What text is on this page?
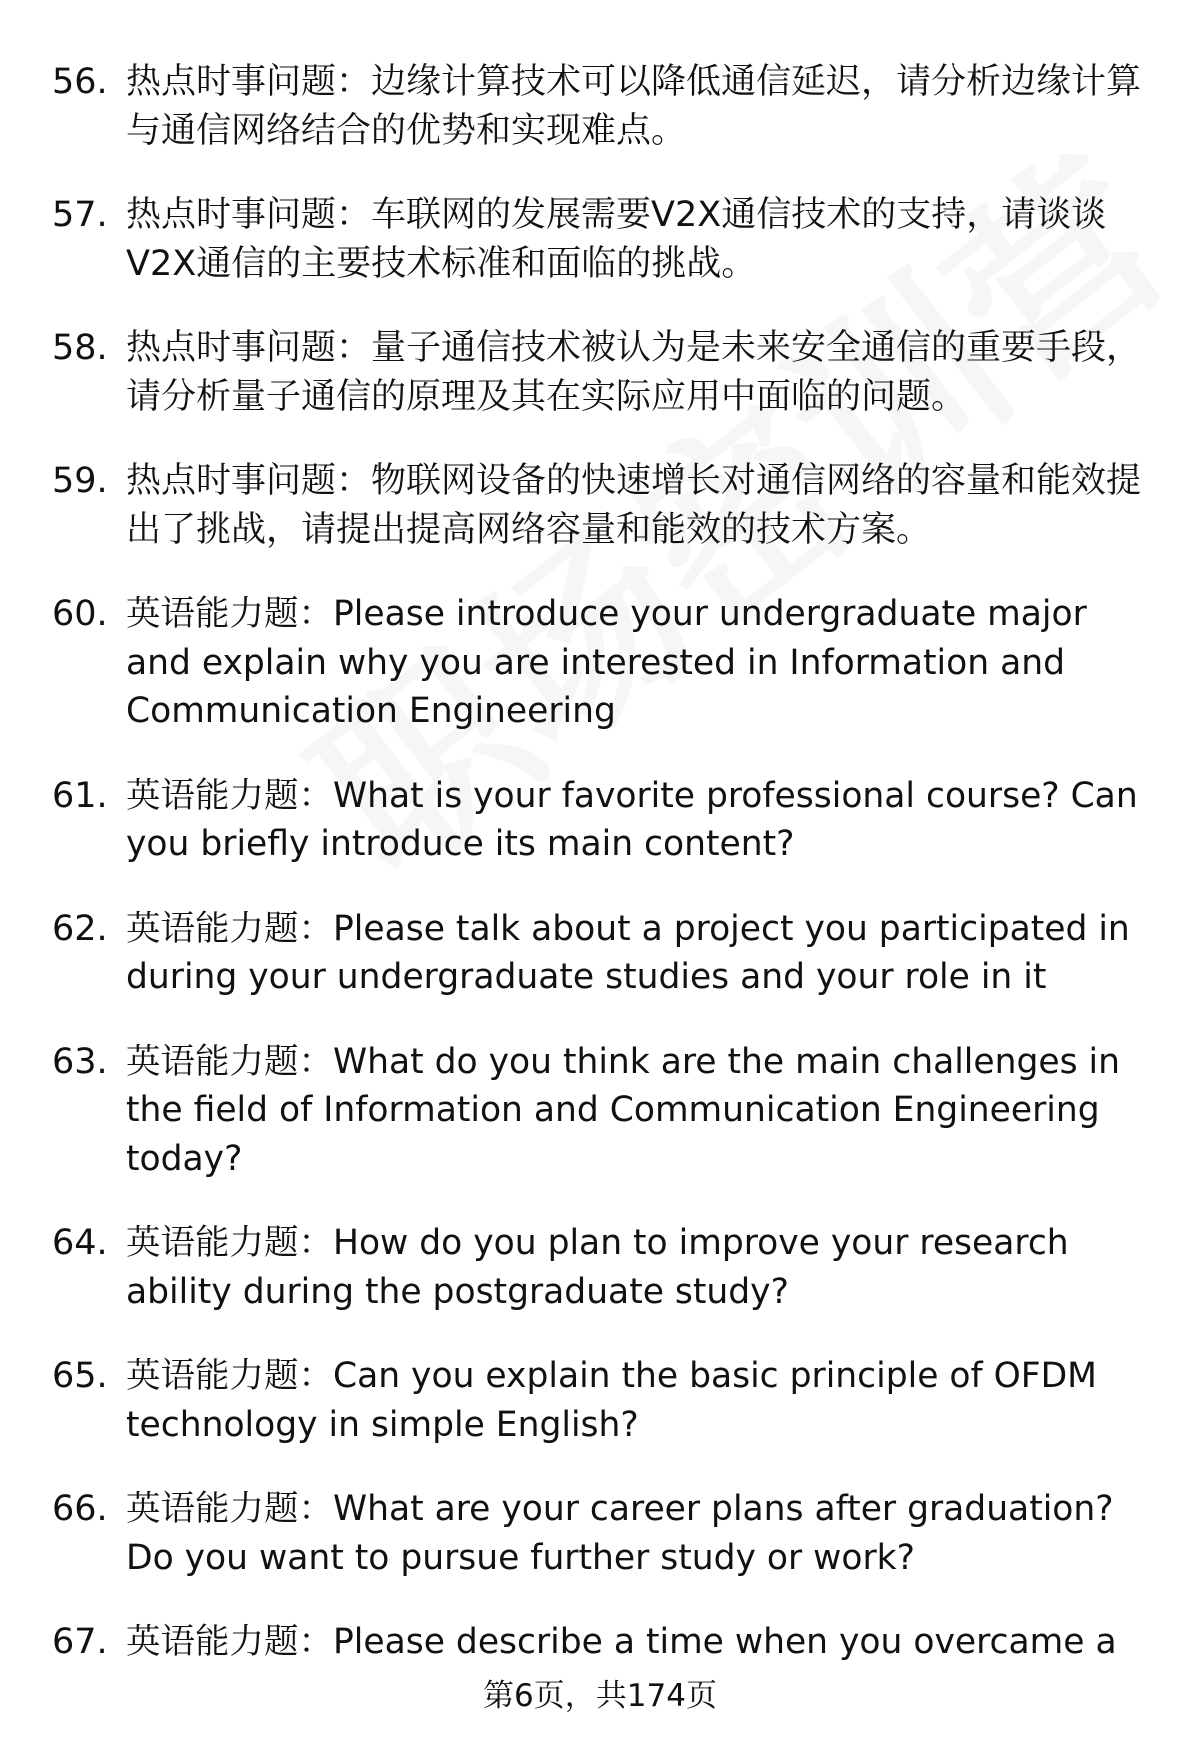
56. 热点时事问题：边缘计算技术可以降低通信延迟，请分析边缘计算与通信网络结合的优势和实现难点。
57. 热点时事问题：车联网的发展需要V2X通信技术的支持，请谈谈V2X通信的主要技术标准和面临的挑战。
58. 热点时事问题：量子通信技术被认为是未来安全通信的重要手段，请分析量子通信的原理及其在实际应用中面临的问题。
59. 热点时事问题：物联网设备的快速增长对通信网络的容量和能效提出了挑战，请提出提高网络容量和能效的技术方案。
60. 英语能力题：Please introduce your undergraduate major and explain why you are interested in Information and Communication Engineering
61. 英语能力题：What is your favorite professional course? Can you briefly introduce its main content?
62. 英语能力题：Please talk about a project you participated in during your undergraduate studies and your role in it
63. 英语能力题：What do you think are the main challenges in the field of Information and Communication Engineering today?
64. 英语能力题：How do you plan to improve your research ability during the postgraduate study?
65. 英语能力题：Can you explain the basic principle of OFDM technology in simple English?
66. 英语能力题：What are your career plans after graduation? Do you want to pursue further study or work?
67. 英语能力题：Please describe a time when you overcame a
第6页，共174页
